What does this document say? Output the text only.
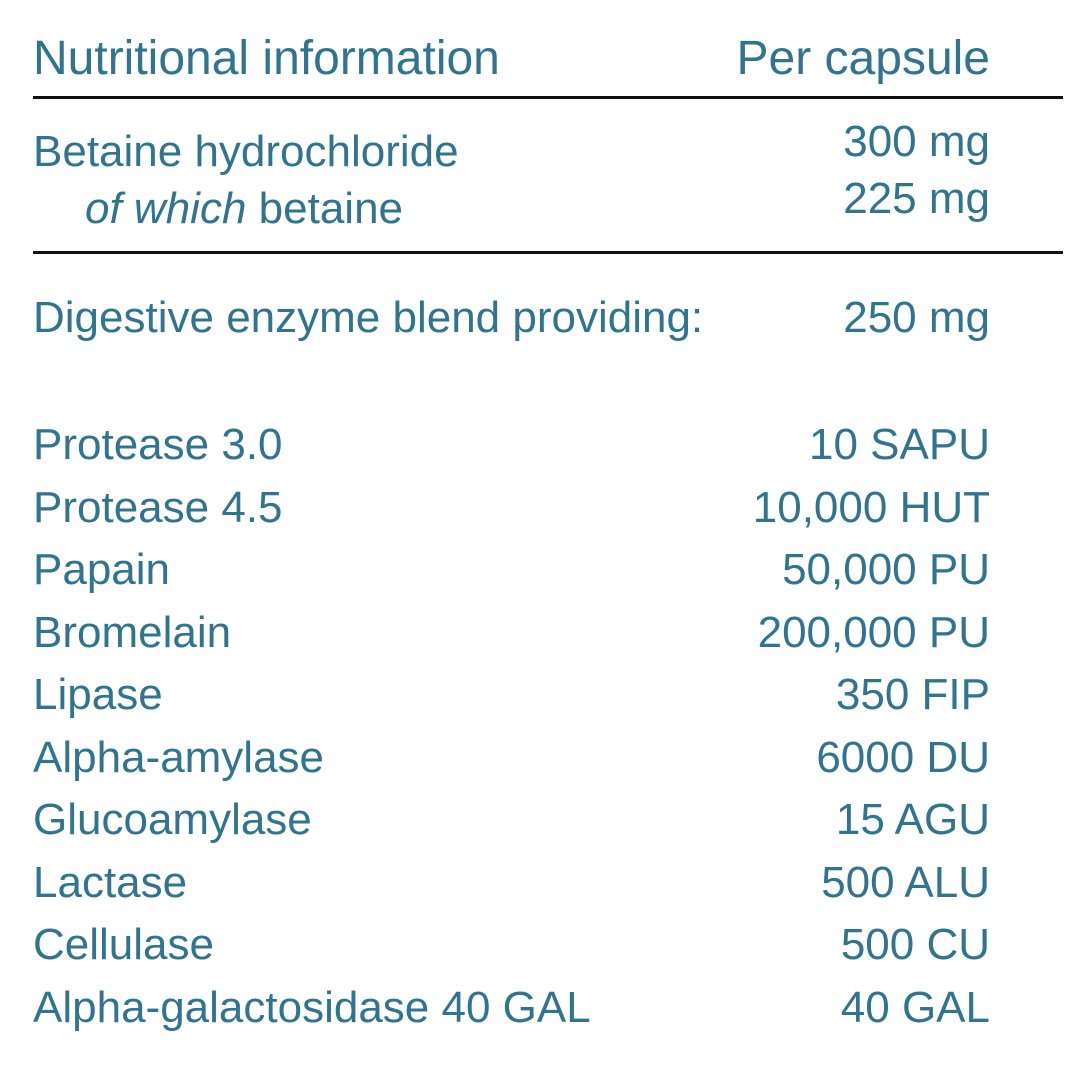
Nutritional information	Per capsule
Betaine hydrochloride	300 mg
of which betaine	225 mg
Digestive enzyme blend providing:	250 mg
Protease 3.0	10 SAPU
Protease 4.5	10,000 HUT
Papain	50,000 PU
Bromelain	200,000 PU
Lipase	350 FIP
Alpha-amylase	6000 DU
Glucoamylase	15 AGU
Lactase	500 ALU
Cellulase	500 CU
Alpha-galactosidase 40 GAL	40 GAL
